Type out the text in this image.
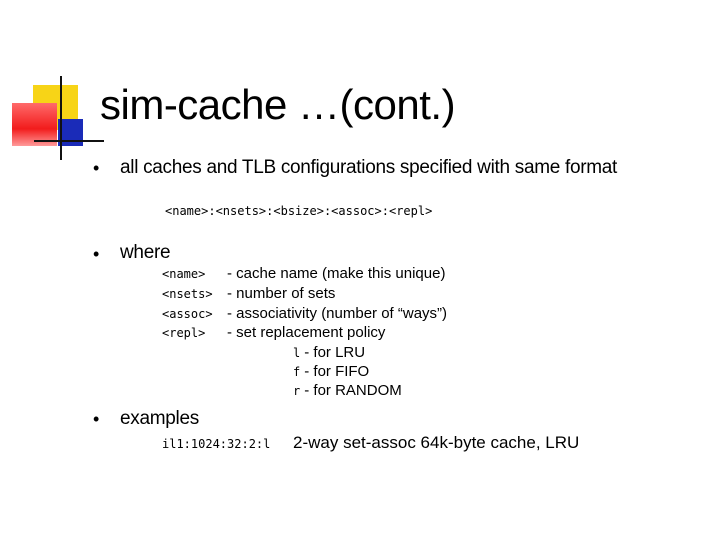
sim-cache …(cont.)
• all caches and TLB configurations specified with same format
<name>:<nsets>:<bsize>:<assoc>:<repl>
• where
<name> - cache name (make this unique)
<nsets> - number of sets
<assoc> - associativity (number of “ways”)
<repl> - set replacement policy
l - for LRU
f - for FIFO
r - for RANDOM
• examples
il1:1024:32:2:l 2-way set-assoc 64k-byte cache, LRU
